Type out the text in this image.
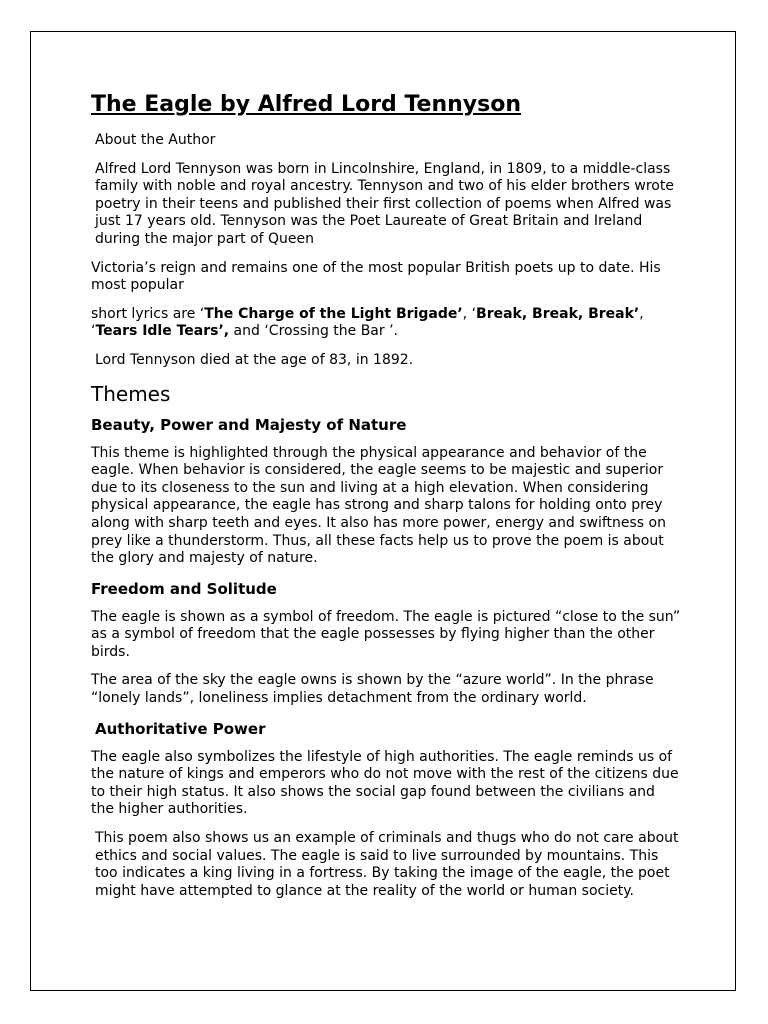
The Eagle by Alfred Lord Tennyson

About the Author

Alfred Lord Tennyson was born in Lincolnshire, England, in 1809, to a middle-class family with noble and royal ancestry. Tennyson and two of his elder brothers wrote poetry in their teens and published their first collection of poems when Alfred was just 17 years old. Tennyson was the Poet Laureate of Great Britain and Ireland during the major part of Queen

Victoria’s reign and remains one of the most popular British poets up to date. His most popular

short lyrics are ‘The Charge of the Light Brigade’, ‘Break, Break, Break’, ‘Tears Idle Tears’, and ‘Crossing the Bar ’.

Lord Tennyson died at the age of 83, in 1892.

Themes
Beauty, Power and Majesty of Nature

This theme is highlighted through the physical appearance and behavior of the eagle. When behavior is considered, the eagle seems to be majestic and superior due to its closeness to the sun and living at a high elevation. When considering physical appearance, the eagle has strong and sharp talons for holding onto prey along with sharp teeth and eyes. It also has more power, energy and swiftness on prey like a thunderstorm. Thus, all these facts help us to prove the poem is about the glory and majesty of nature.

Freedom and Solitude

The eagle is shown as a symbol of freedom. The eagle is pictured “close to the sun” as a symbol of freedom that the eagle possesses by flying higher than the other birds.

The area of the sky the eagle owns is shown by the “azure world”. In the phrase “lonely lands”, loneliness implies detachment from the ordinary world.

Authoritative Power

The eagle also symbolizes the lifestyle of high authorities. The eagle reminds us of the nature of kings and emperors who do not move with the rest of the citizens due to their high status. It also shows the social gap found between the civilians and the higher authorities.

This poem also shows us an example of criminals and thugs who do not care about ethics and social values. The eagle is said to live surrounded by mountains. This too indicates a king living in a fortress. By taking the image of the eagle, the poet might have attempted to glance at the reality of the world or human society.
